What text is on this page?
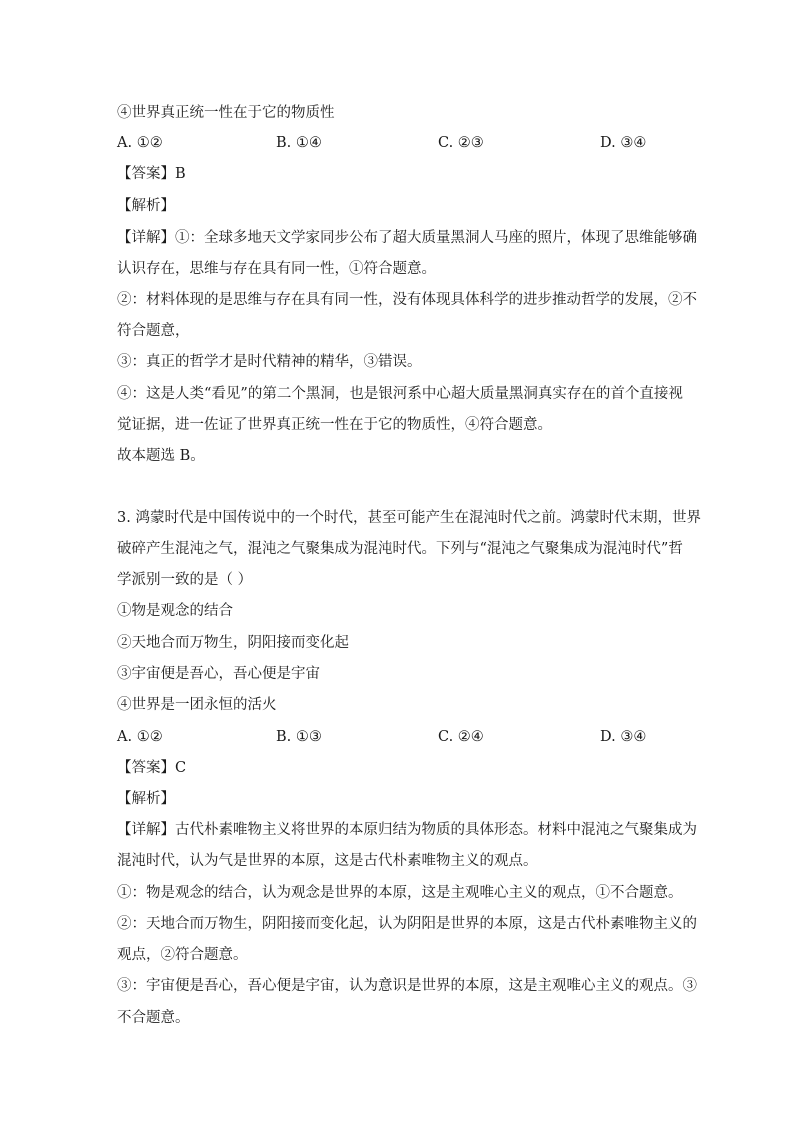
④世界真正统一性在于它的物质性
A. ①②	B. ①④	C. ②③	D. ③④
【答案】B
【解析】
【详解】①：全球多地天文学家同步公布了超大质量黑洞人马座的照片，体现了思维能够确
认识存在，思维与存在具有同一性，①符合题意。
②：材料体现的是思维与存在具有同一性，没有体现具体科学的进步推动哲学的发展，②不
符合题意，
③：真正的哲学才是时代精神的精华，③错误。
④：这是人类“看见”的第二个黑洞，也是银河系中心超大质量黑洞真实存在的首个直接视
觉证据，进一佐证了世界真正统一性在于它的物质性，④符合题意。
故本题选 B。
3. 鸿蒙时代是中国传说中的一个时代，甚至可能产生在混沌时代之前。鸿蒙时代末期，世界
破碎产生混沌之气，混沌之气聚集成为混沌时代。下列与“混沌之气聚集成为混沌时代”哲
学派别一致的是（ ）
①物是观念的结合
②天地合而万物生，阴阳接而变化起
③宇宙便是吾心，吾心便是宇宙
④世界是一团永恒的活火
A. ①②	B. ①③	C. ②④	D. ③④
【答案】C
【解析】
【详解】古代朴素唯物主义将世界的本原归结为物质的具体形态。材料中混沌之气聚集成为
混沌时代，认为气是世界的本原，这是古代朴素唯物主义的观点。
①：物是观念的结合，认为观念是世界的本原，这是主观唯心主义的观点，①不合题意。
②：天地合而万物生，阴阳接而变化起，认为阴阳是世界的本原，这是古代朴素唯物主义的
观点，②符合题意。
③：宇宙便是吾心，吾心便是宇宙，认为意识是世界的本原，这是主观唯心主义的观点。③
不合题意。
